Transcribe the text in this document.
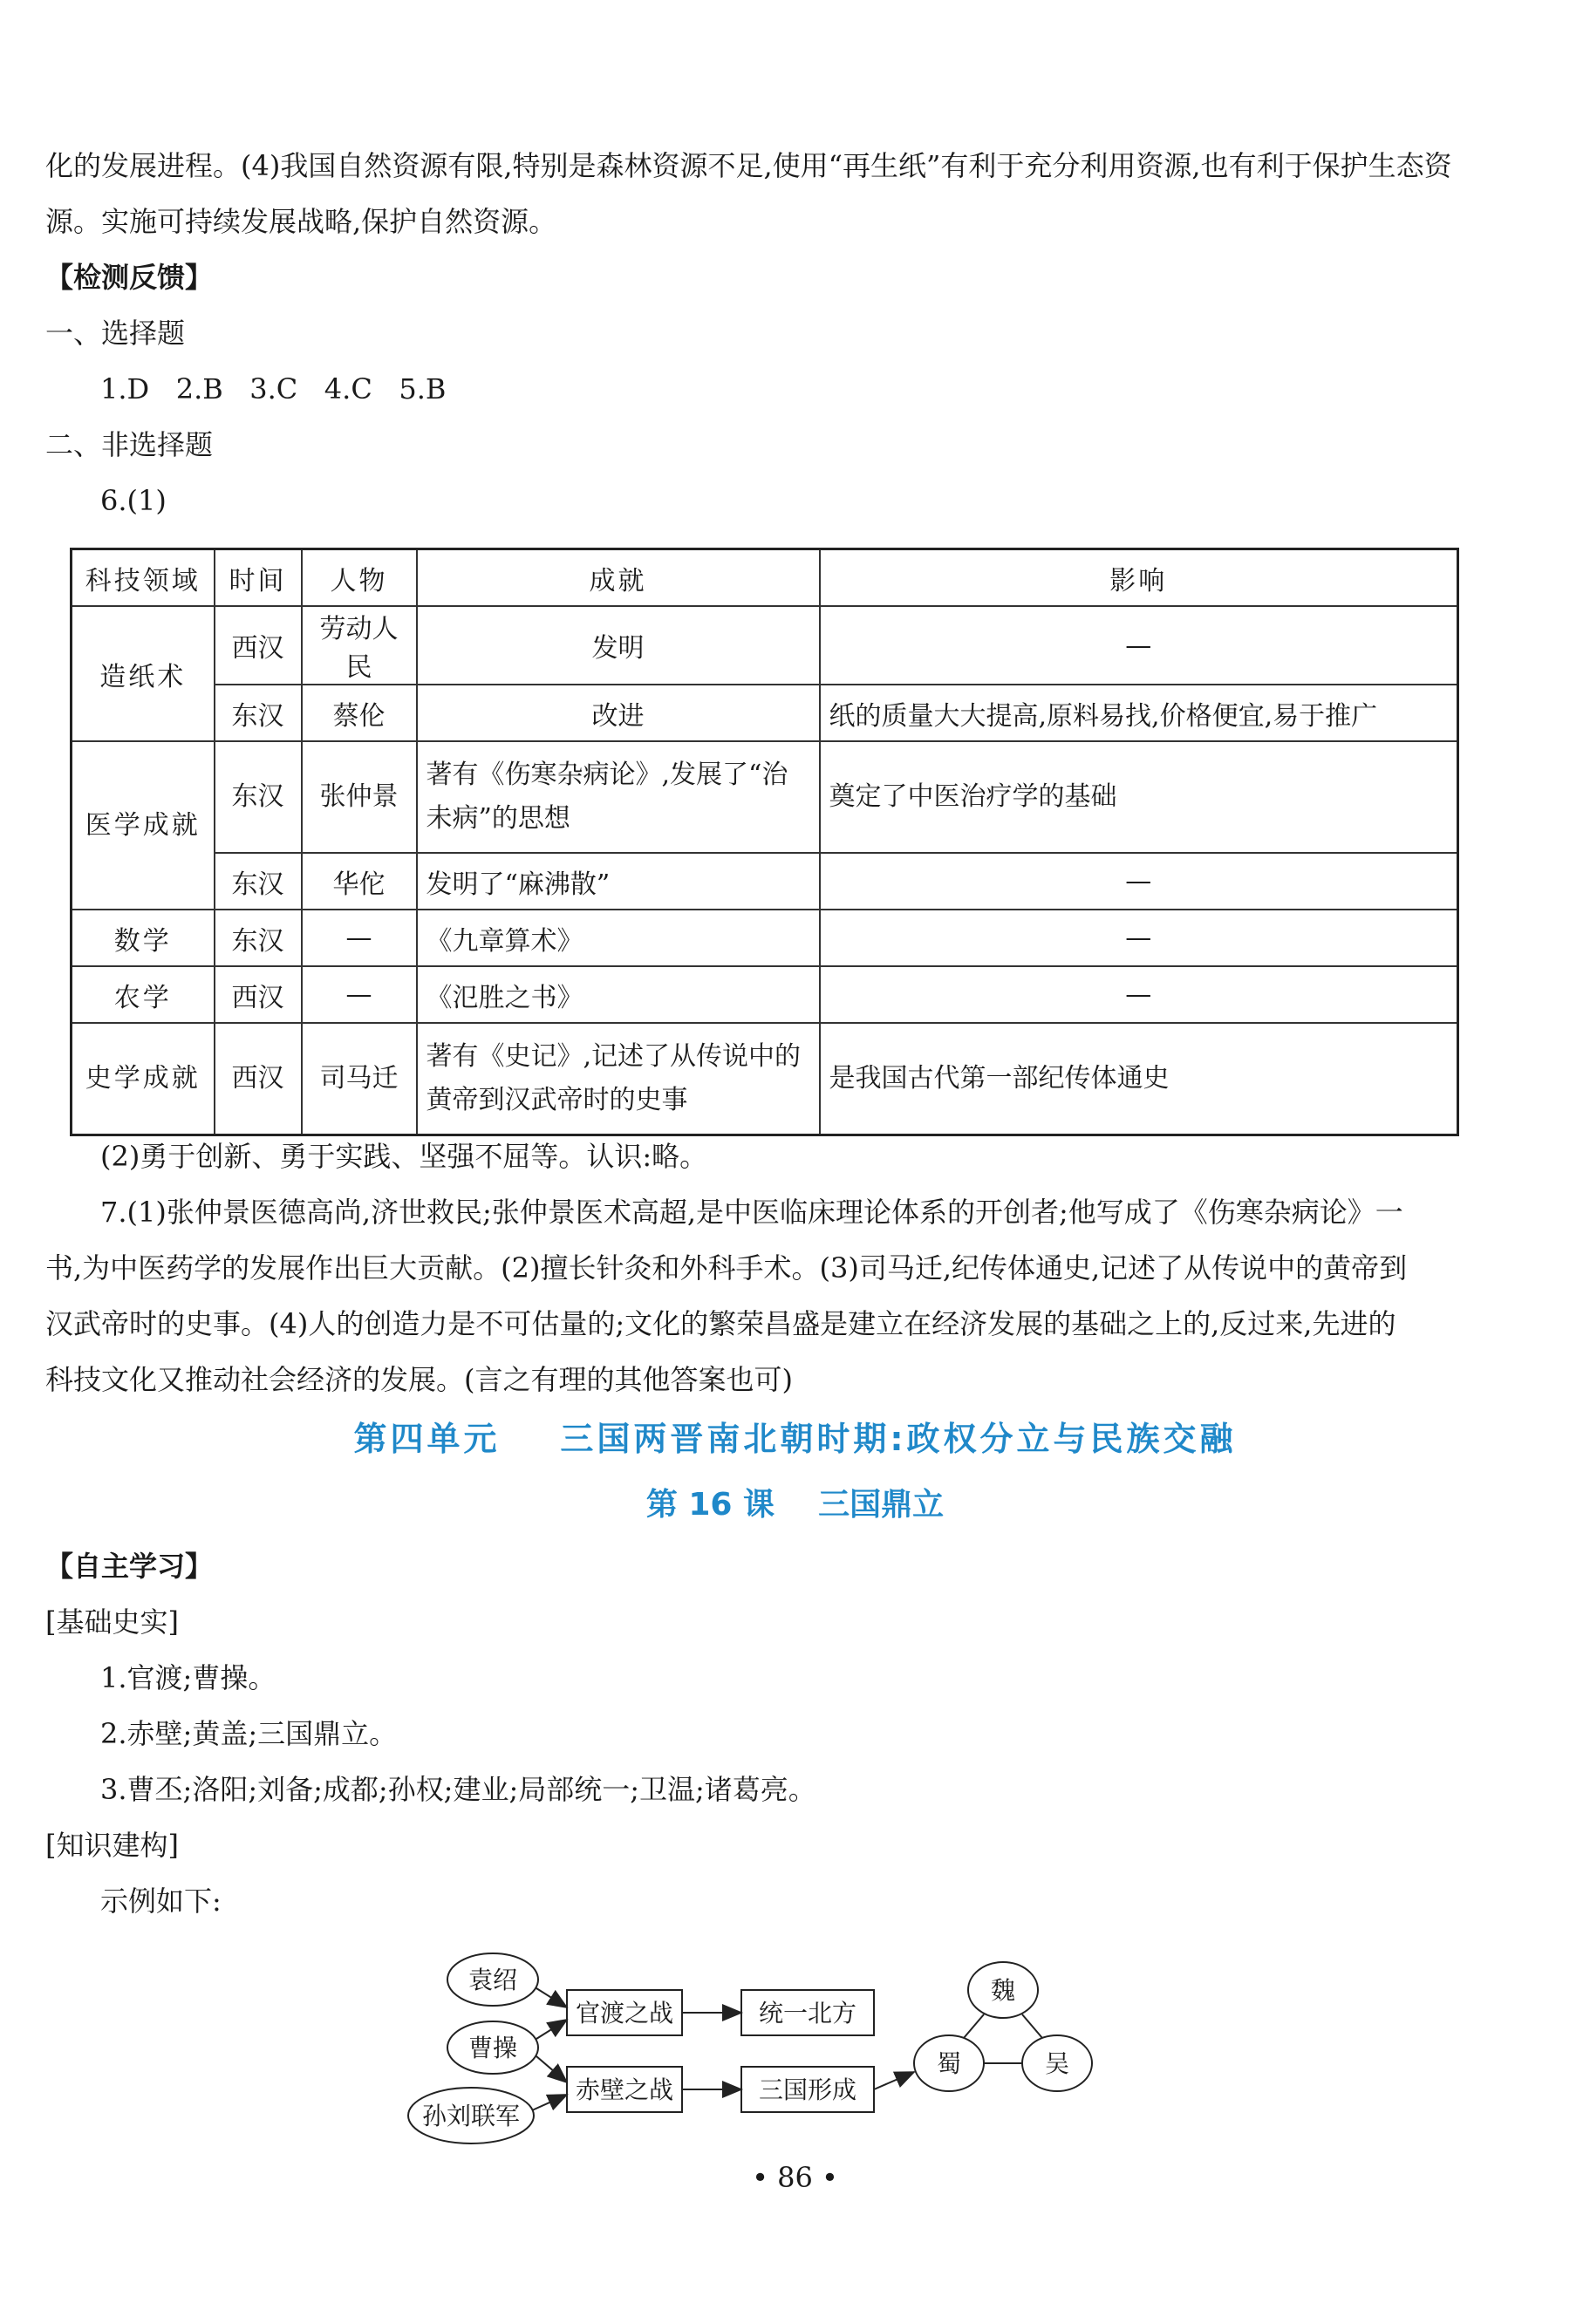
化的发展进程。(4)我国自然资源有限,特别是森林资源不足,使用“再生纸”有利于充分利用资源,也有利于保护生态资
源。实施可持续发展战略,保护自然资源。
【检测反馈】
一、选择题
1.D   2.B   3.C   4.C   5.B
二、非选择题
6.(1)
科技领域	时间	人物	成就	影响
造纸术	西汉	劳动人民	发明	—
	东汉	蔡伦	改进	纸的质量大大提高,原料易找,价格便宜,易于推广
医学成就	东汉	张仲景	著有《伤寒杂病论》,发展了“治未病”的思想	奠定了中医治疗学的基础
	东汉	华佗	发明了“麻沸散”	—
数学	东汉	—	《九章算术》	—
农学	西汉	—	《氾胜之书》	—
史学成就	西汉	司马迁	著有《史记》,记述了从传说中的黄帝到汉武帝时的史事	是我国古代第一部纪传体通史
(2)勇于创新、勇于实践、坚强不屈等。认识:略。
7.(1)张仲景医德高尚,济世救民;张仲景医术高超,是中医临床理论体系的开创者;他写成了《伤寒杂病论》一
书,为中医药学的发展作出巨大贡献。(2)擅长针灸和外科手术。(3)司马迁,纪传体通史,记述了从传说中的黄帝到
汉武帝时的史事。(4)人的创造力是不可估量的;文化的繁荣昌盛是建立在经济发展的基础之上的,反过来,先进的
科技文化又推动社会经济的发展。(言之有理的其他答案也可)
第四单元    三国两晋南北朝时期:政权分立与民族交融
第 16 课    三国鼎立
【自主学习】
[基础史实]
1.官渡;曹操。
2.赤壁;黄盖;三国鼎立。
3.曹丕;洛阳;刘备;成都;孙权;建业;局部统一;卫温;诸葛亮。
[知识建构]
示例如下:
袁绍
曹操
孙刘联军
官渡之战
赤壁之战
统一北方
三国形成
魏
蜀	吴
• 86 •
